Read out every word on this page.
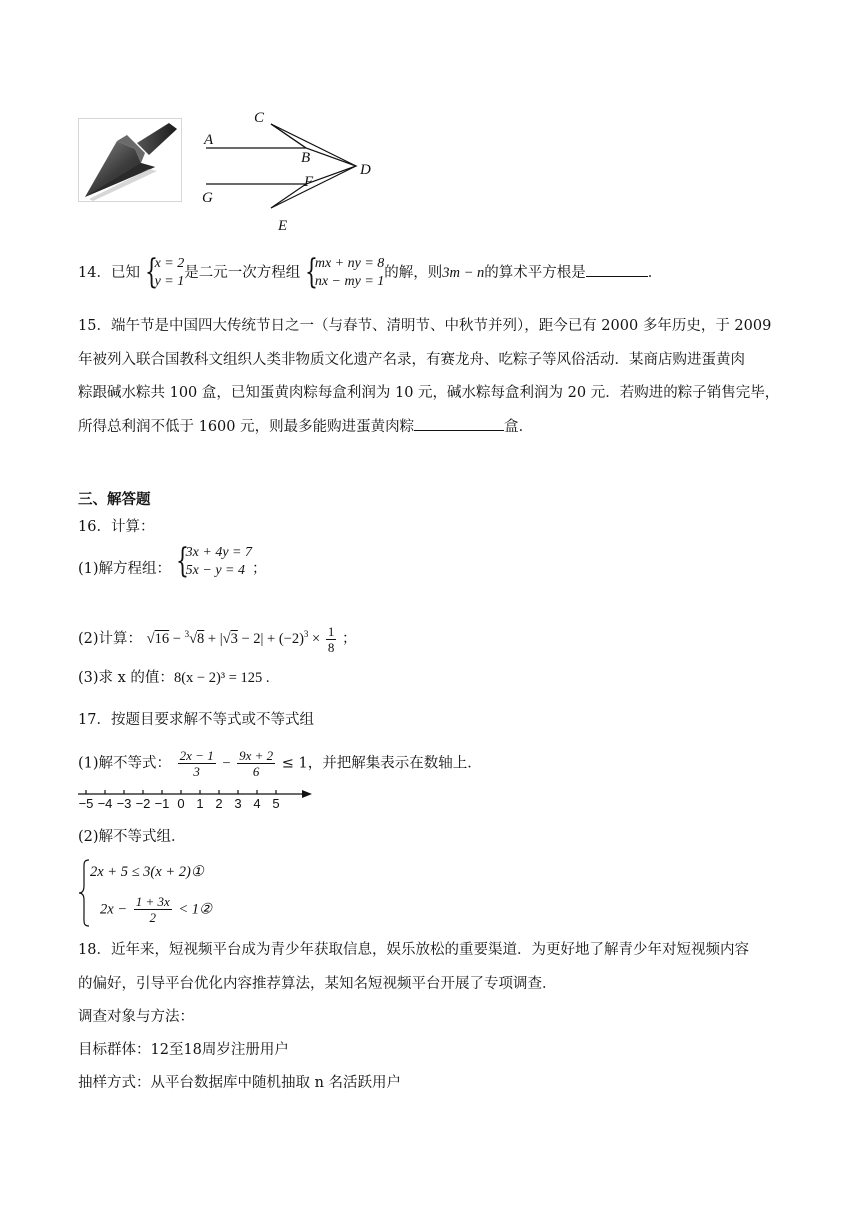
A
B
C
D
E
F
G
14．已知 {
x = 2
y = 1
是二元一次方程组 {
mx + ny = 8
nx − my = 1
的解，则3m − n的算术平方根是	．
15．端午节是中国四大传统节日之一（与春节、清明节、中秋节并列），距今已有 2000 多年历史，于 2009
年被列入联合国教科文组织人类非物质文化遗产名录，有赛龙舟、吃粽子等风俗活动．某商店购进蛋黄肉
粽跟碱水粽共 100 盒，已知蛋黄肉粽每盒利润为 10 元，碱水粽每盒利润为 20 元．若购进的粽子销售完毕，
所得总利润不低于 1600 元，则最多能购进蛋黄肉粽	盒．
三、解答题
16．计算：
(1)解方程组： {
3x + 4y = 7
5x − y = 4 ；
(2)计算： $√16 - ^3√8 + |√3 - 2| + (-2)^3 \times \frac{1}{8}$ ；
(3)求 x 的值：8(x − 2)³ = 125 .
17．按题目要求解不等式或不等式组
(1)解不等式： $\frac{2x - 1}{3} - \frac{9x + 2}{6} \le 1$，并把解集表示在数轴上．
−5 −4 −3 −2 −1 0 1 2 3 4 5
(2)解不等式组．
2x + 5 ≤ 3(x + 2)①
$2x - \frac{1 + 3x}{2}$ < 1②
18．近年来，短视频平台成为青少年获取信息，娱乐放松的重要渠道．为更好地了解青少年对短视频内容
的偏好，引导平台优化内容推荐算法，某知名短视频平台开展了专项调查．
调查对象与方法：
目标群体：12至18周岁注册用户
抽样方式：从平台数据库中随机抽取 n 名活跃用户
